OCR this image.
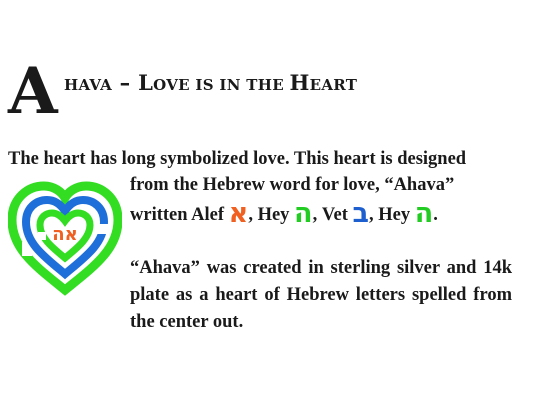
A HAVA – LOVE IS IN THE HEART
The heart has long symbolized love. This heart is designed
from the Hebrew word for love, “Ahava”
written Alef א, Hey ה, Vet ב, Hey ה.
“Ahava” was created in sterling silver and 14k plate as a heart of Hebrew letters spelled from the center out.
אה
